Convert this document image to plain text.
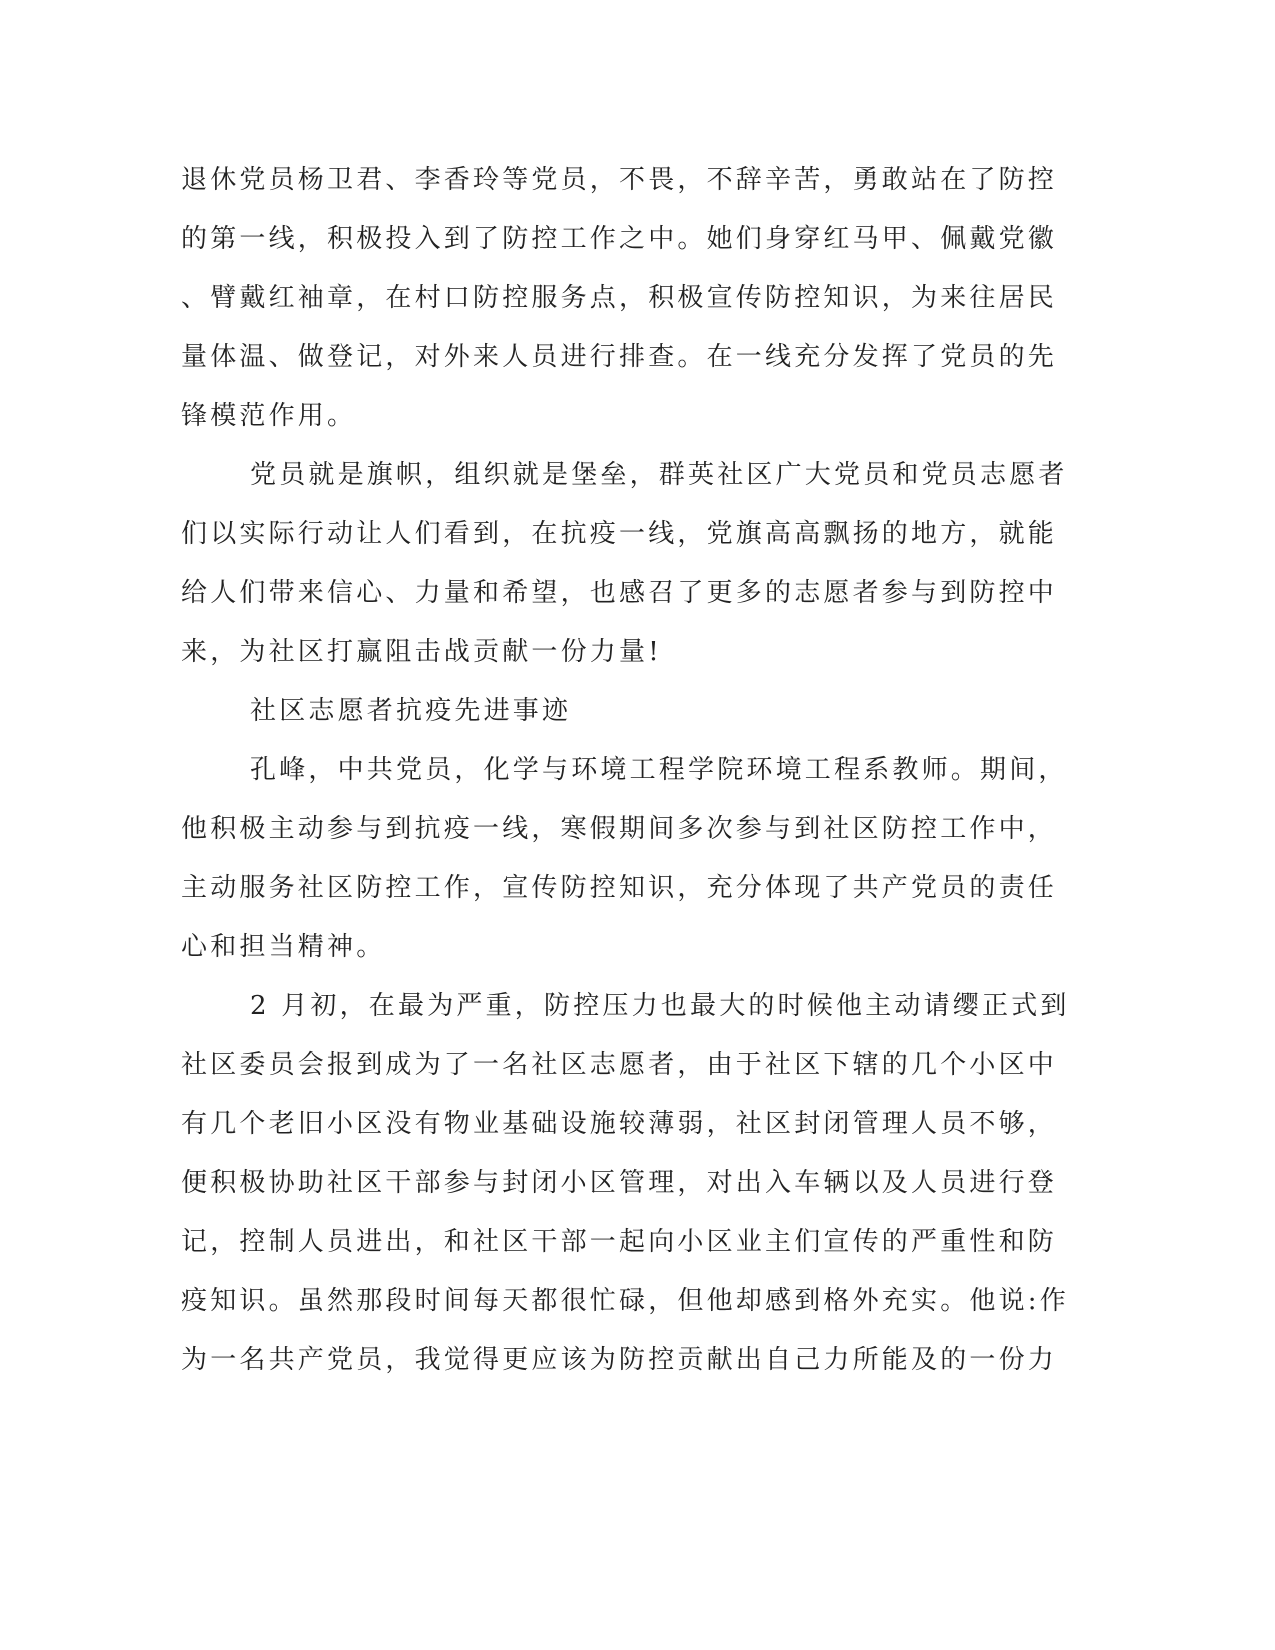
退休党员杨卫君、李香玲等党员，不畏，不辞辛苦，勇敢站在了防控
的第一线，积极投入到了防控工作之中。她们身穿红马甲、佩戴党徽
、臂戴红袖章，在村口防控服务点，积极宣传防控知识，为来往居民
量体温、做登记，对外来人员进行排查。在一线充分发挥了党员的先
锋模范作用。
党员就是旗帜，组织就是堡垒，群英社区广大党员和党员志愿者
们以实际行动让人们看到，在抗疫一线，党旗高高飘扬的地方，就能
给人们带来信心、力量和希望，也感召了更多的志愿者参与到防控中
来，为社区打赢阻击战贡献一份力量!
社区志愿者抗疫先进事迹
孔峰，中共党员，化学与环境工程学院环境工程系教师。期间，
他积极主动参与到抗疫一线，寒假期间多次参与到社区防控工作中，
主动服务社区防控工作，宣传防控知识，充分体现了共产党员的责任
心和担当精神。
2 月初，在最为严重，防控压力也最大的时候他主动请缨正式到
社区委员会报到成为了一名社区志愿者，由于社区下辖的几个小区中
有几个老旧小区没有物业基础设施较薄弱，社区封闭管理人员不够，
便积极协助社区干部参与封闭小区管理，对出入车辆以及人员进行登
记，控制人员进出，和社区干部一起向小区业主们宣传的严重性和防
疫知识。虽然那段时间每天都很忙碌，但他却感到格外充实。他说:作
为一名共产党员，我觉得更应该为防控贡献出自己力所能及的一份力
